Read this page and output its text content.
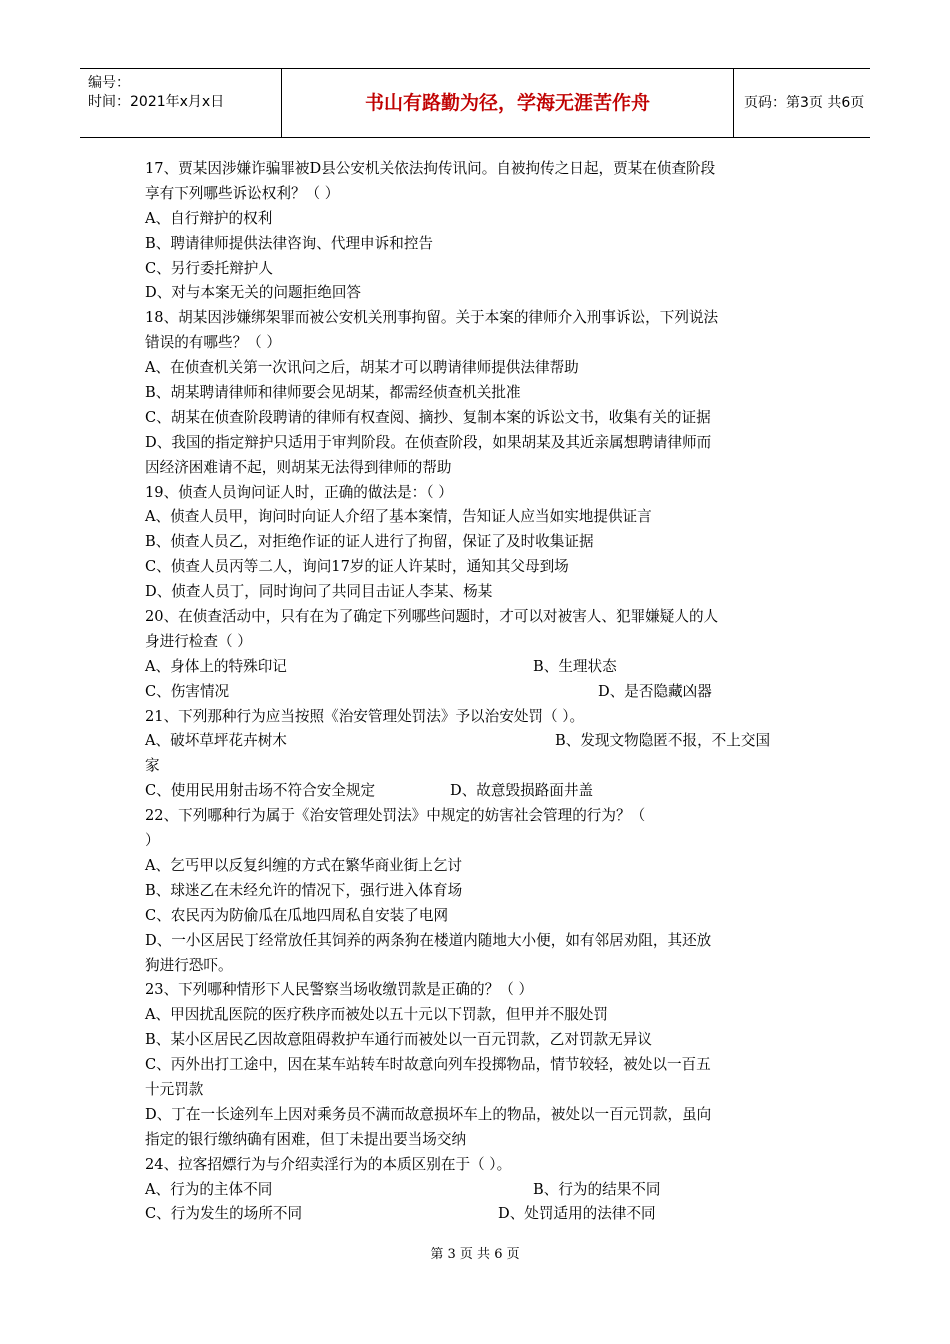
编号：
时间：2021年x月x日	书山有路勤为径，学海无涯苦作舟	页码：第3页 共6页
17、贾某因涉嫌诈骗罪被D县公安机关依法拘传讯问。自被拘传之日起，贾某在侦查阶段
享有下列哪些诉讼权利？（ ）
A、自行辩护的权利
B、聘请律师提供法律咨询、代理申诉和控告
C、另行委托辩护人
D、对与本案无关的问题拒绝回答
18、胡某因涉嫌绑架罪而被公安机关刑事拘留。关于本案的律师介入刑事诉讼，下列说法
错误的有哪些？（ ）
A、在侦查机关第一次讯问之后，胡某才可以聘请律师提供法律帮助
B、胡某聘请律师和律师要会见胡某，都需经侦查机关批准
C、胡某在侦查阶段聘请的律师有权查阅、摘抄、复制本案的诉讼文书，收集有关的证据
D、我国的指定辩护只适用于审判阶段。在侦查阶段，如果胡某及其近亲属想聘请律师而
因经济困难请不起，则胡某无法得到律师的帮助
19、侦查人员询问证人时，正确的做法是：（ ）
A、侦查人员甲，询问时向证人介绍了基本案情，告知证人应当如实地提供证言
B、侦查人员乙，对拒绝作证的证人进行了拘留，保证了及时收集证据
C、侦查人员丙等二人，询问17岁的证人许某时，通知其父母到场
D、侦查人员丁，同时询问了共同目击证人李某、杨某
20、在侦查活动中，只有在为了确定下列哪些问题时，才可以对被害人、犯罪嫌疑人的人
身进行检查（ ）
A、身体上的特殊印记	B、生理状态
C、伤害情况	D、是否隐藏凶器
21、下列那种行为应当按照《治安管理处罚法》予以治安处罚（ ）。
A、破坏草坪花卉树木	B、发现文物隐匿不报，不上交国
家
C、使用民用射击场不符合安全规定	D、故意毁损路面井盖
22、下列哪种行为属于《治安管理处罚法》中规定的妨害社会管理的行为？（
）
A、乞丐甲以反复纠缠的方式在繁华商业街上乞讨
B、球迷乙在未经允许的情况下，强行进入体育场
C、农民丙为防偷瓜在瓜地四周私自安装了电网
D、一小区居民丁经常放任其饲养的两条狗在楼道内随地大小便，如有邻居劝阻，其还放
狗进行恐吓。
23、下列哪种情形下人民警察当场收缴罚款是正确的？（ ）
A、甲因扰乱医院的医疗秩序而被处以五十元以下罚款，但甲并不服处罚
B、某小区居民乙因故意阻碍救护车通行而被处以一百元罚款，乙对罚款无异议
C、丙外出打工途中，因在某车站转车时故意向列车投掷物品，情节较轻，被处以一百五
十元罚款
D、丁在一长途列车上因对乘务员不满而故意损坏车上的物品，被处以一百元罚款，虽向
指定的银行缴纳确有困难，但丁未提出要当场交纳
24、拉客招嫖行为与介绍卖淫行为的本质区别在于（ ）。
A、行为的主体不同	B、行为的结果不同
C、行为发生的场所不同	D、处罚适用的法律不同
第 3 页 共 6 页
